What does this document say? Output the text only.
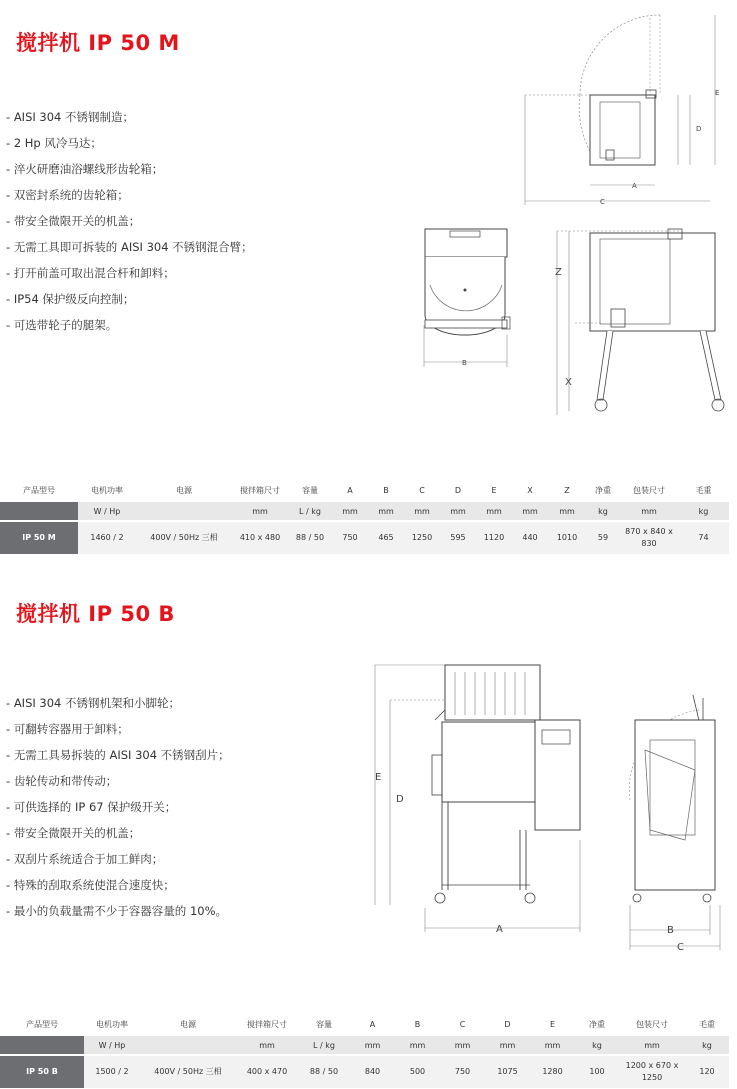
搅拌机 IP 50 M
- AISI 304 不锈钢制造；
- 2 Hp 风冷马达；
- 淬火研磨油浴螺线形齿轮箱；
- 双密封系统的齿轮箱；
- 带安全微限开关的机盖；
- 无需工具即可拆装的 AISI 304 不锈钢混合臂；
- 打开前盖可取出混合杆和卸料；
- IP54 保护级反向控制；
- 可选带轮子的腿架。
A
C
D
E
B
Z
X
产品型号	电机功率	电源	搅拌箱尺寸	容量	A	B	C	D	E	X	Z	净重	包装尺寸	毛重
	W / Hp		mm	L / kg	mm	mm	mm	mm	mm	mm	mm	kg	mm	kg
IP 50 M	1460 / 2	400V / 50Hz 三相	410 x 480	88 / 50	750	465	1250	595	1120	440	1010	59	870 x 840 x 830	74
搅拌机 IP 50 B
- AISI 304 不锈钢机架和小脚轮；
- 可翻转容器用于卸料；
- 无需工具易拆装的 AISI 304 不锈钢刮片；
- 齿轮传动和带传动；
- 可供选择的 IP 67 保护级开关；
- 带安全微限开关的机盖；
- 双刮片系统适合于加工鲜肉；
- 特殊的刮取系统使混合速度快；
- 最小的负载量需不少于容器容量的 10%。
E
D
A	B
C
产品型号	电机功率	电源	搅拌箱尺寸	容量	A	B	C	D	E	净重	包装尺寸	毛重
	W / Hp		mm	L / kg	mm	mm	mm	mm	mm	kg	mm	kg
IP 50 B	1500 / 2	400V / 50Hz 三相	400 x 470	88 / 50	840	500	750	1075	1280	100	1200 x 670 x 1250	120
